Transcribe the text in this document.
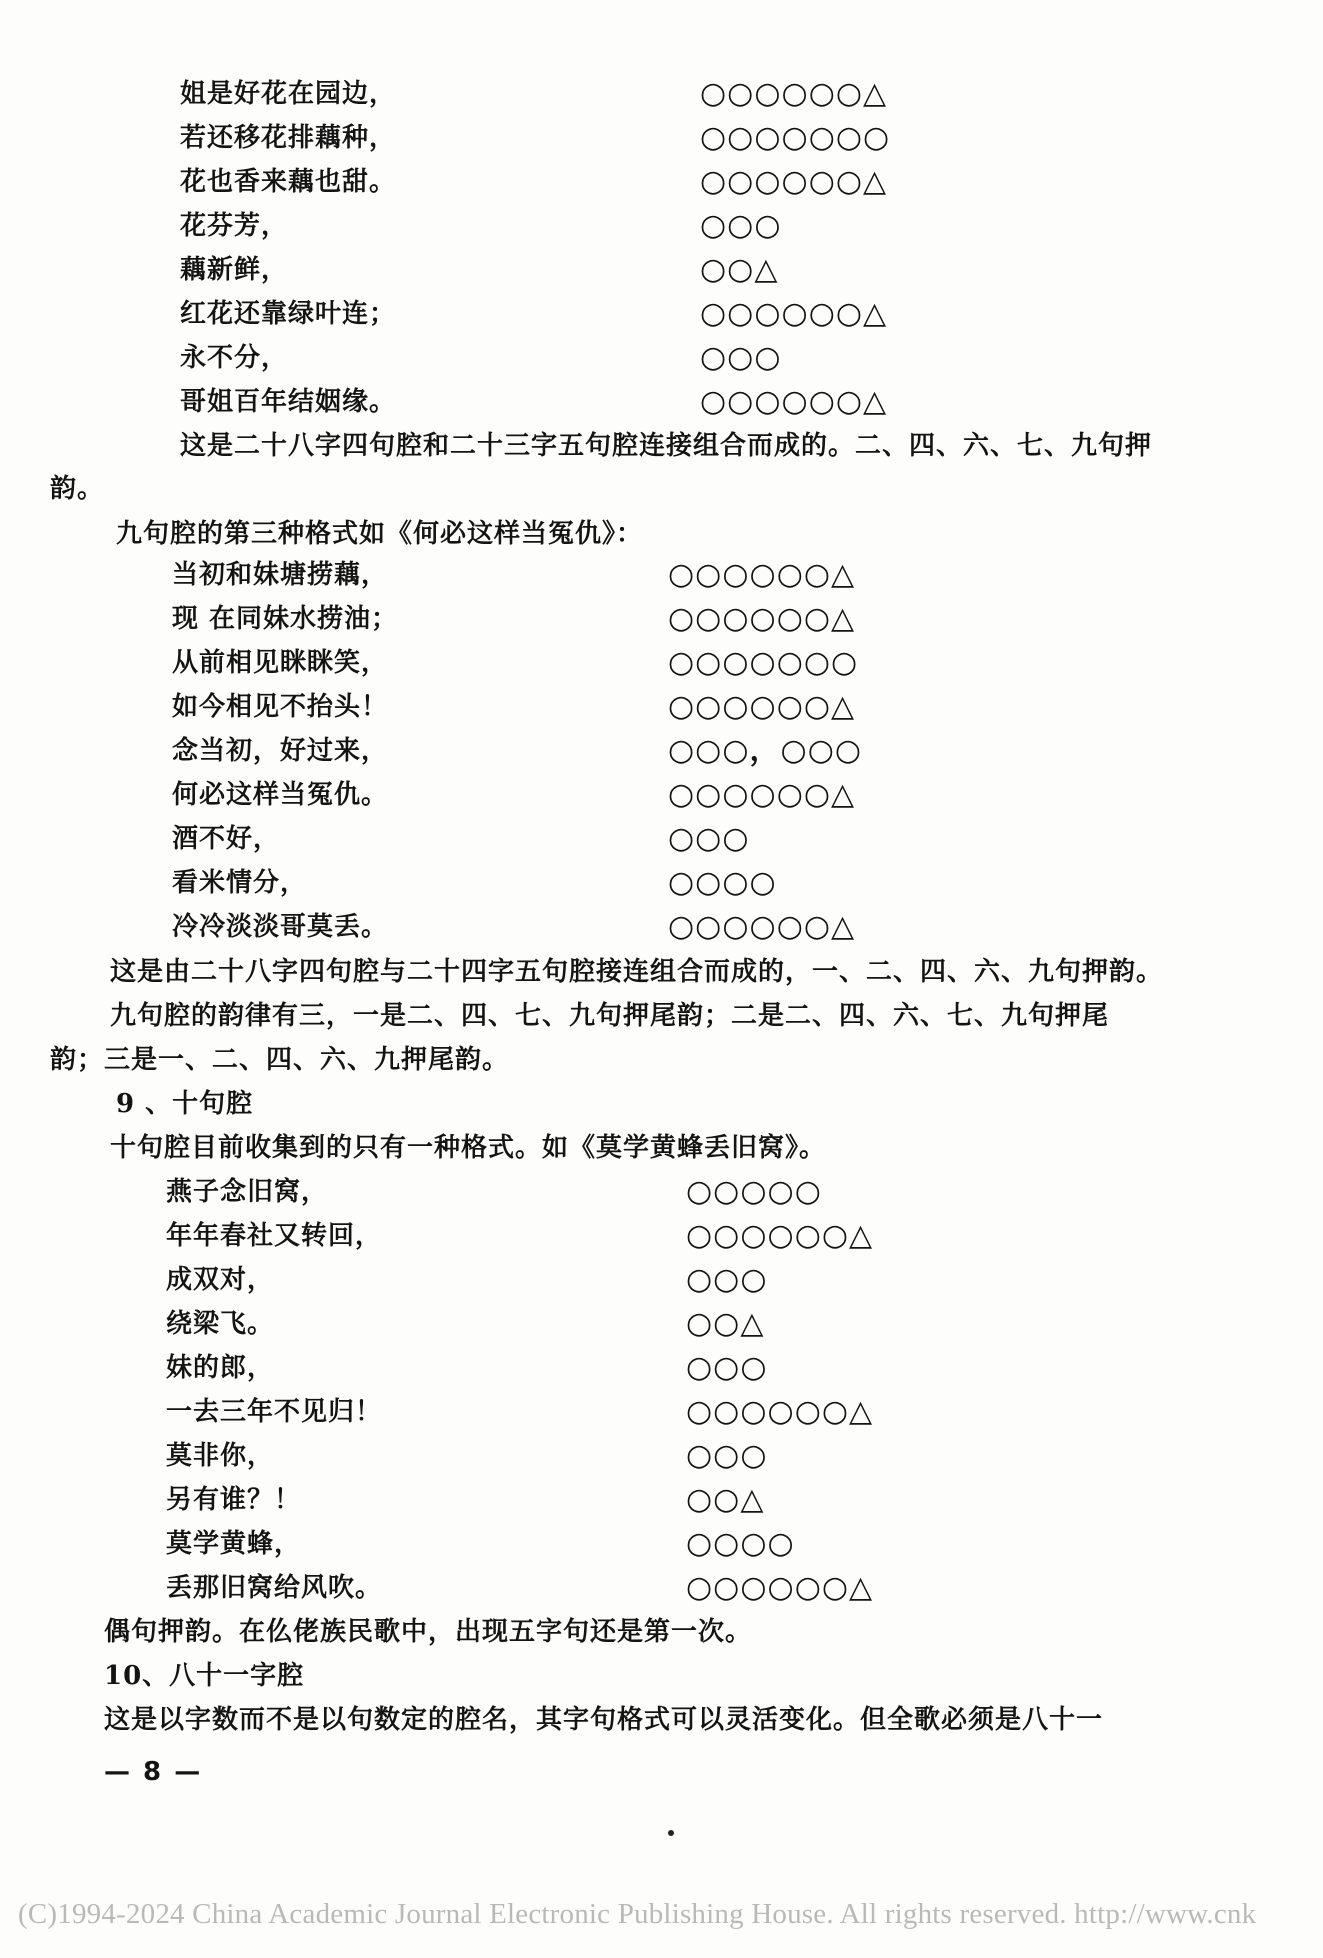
姐是好花在园边，	○○○○○○△
若还移花排藕种，	○○○○○○○
花也香来藕也甜。	○○○○○○△
花芬芳，	○○○
藕新鲜，	○○△
红花还靠绿叶连；	○○○○○○△
永不分，	○○○
哥姐百年结姻缘。	○○○○○○△
这是二十八字四句腔和二十三字五句腔连接组合而成的。二、四、六、七、九句押
韵。
九句腔的第三种格式如《何必这样当冤仇》：
当初和妹塘捞藕，	○○○○○○△
现 在同妹水捞油；	○○○○○○△
从前相见眯眯笑，	○○○○○○○
如今相见不抬头！	○○○○○○△
念当初，好过来，	○○○，○○○
何必这样当冤仇。	○○○○○○△
酒不好，	○○○
看米情分，	○○○○
冷冷淡淡哥莫丢。	○○○○○○△
这是由二十八字四句腔与二十四字五句腔接连组合而成的，一、二、四、六、九句押韵。
九句腔的韵律有三，一是二、四、七、九句押尾韵；二是二、四、六、七、九句押尾
韵；三是一、二、四、六、九押尾韵。
9 、十句腔
十句腔目前收集到的只有一种格式。如《莫学黄蜂丢旧窝》。
燕子念旧窝，	○○○○○
年年春社又转回，	○○○○○○△
成双对，	○○○
绕梁飞。	○○△
妹的郎，	○○○
一去三年不见归！	○○○○○○△
莫非你，	○○○
另有谁？！	○○△
莫学黄蜂，	○○○○
丢那旧窝给风吹。	○○○○○○△
偶句押韵。在仫佬族民歌中，出现五字句还是第一次。
10、八十一字腔
这是以字数而不是以句数定的腔名，其字句格式可以灵活变化。但全歌必须是八十一
— 8 —
(C)1994-2024 China Academic Journal Electronic Publishing House. All rights reserved. http://www.cnk
